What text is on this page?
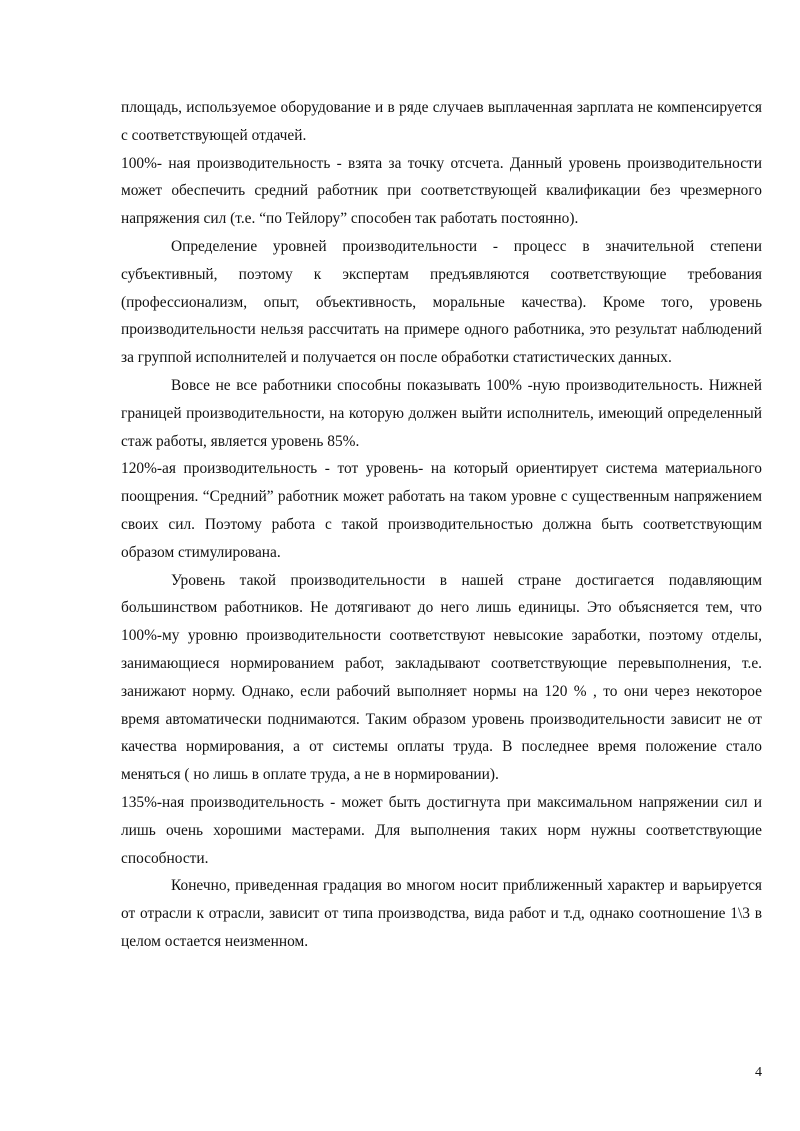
площадь, используемое оборудование и в ряде случаев выплаченная зарплата не компенсируется с соответствующей отдачей.

100%- ная производительность - взята за точку отсчета. Данный уровень производительности может обеспечить средний работник при соответствующей квалификации без чрезмерного напряжения сил (т.е. “по Тейлору” способен так работать постоянно).

Определение уровней производительности - процесс в значительной степени субъективный, поэтому к экспертам предъявляются соответствующие требования (профессионализм, опыт, объективность, моральные качества). Кроме того, уровень производительности нельзя рассчитать на примере одного работника, это результат наблюдений за группой исполнителей и получается он после обработки статистических данных.

Вовсе не все работники способны показывать 100% -ную производительность. Нижней границей производительности, на которую должен выйти исполнитель, имеющий определенный стаж работы, является уровень 85%.

120%-ая производительность - тот уровень- на который ориентирует система материального поощрения. “Средний” работник может работать на таком уровне с существенным напряжением своих сил. Поэтому работа с такой производительностью должна быть соответствующим образом стимулирована.

Уровень такой производительности в нашей стране достигается подавляющим большинством работников. Не дотягивают до него лишь единицы. Это объясняется тем, что 100%-му уровню производительности соответствуют невысокие заработки, поэтому отделы, занимающиеся нормированием работ, закладывают соответствующие перевыполнения, т.е. занижают норму. Однако, если рабочий выполняет нормы на 120 % , то они через некоторое время автоматически поднимаются. Таким образом уровень производительности зависит не от качества нормирования, а от системы оплаты труда. В последнее время положение стало меняться ( но лишь в оплате труда, а не в нормировании).

135%-ная производительность - может быть достигнута при максимальном напряжении сил и лишь очень хорошими мастерами. Для выполнения таких норм нужны соответствующие способности.

Конечно, приведенная градация во многом носит приближенный характер и варьируется от отрасли к отрасли, зависит от типа производства, вида работ и т.д, однако соотношение 1\3 в целом остается неизменном.

4
